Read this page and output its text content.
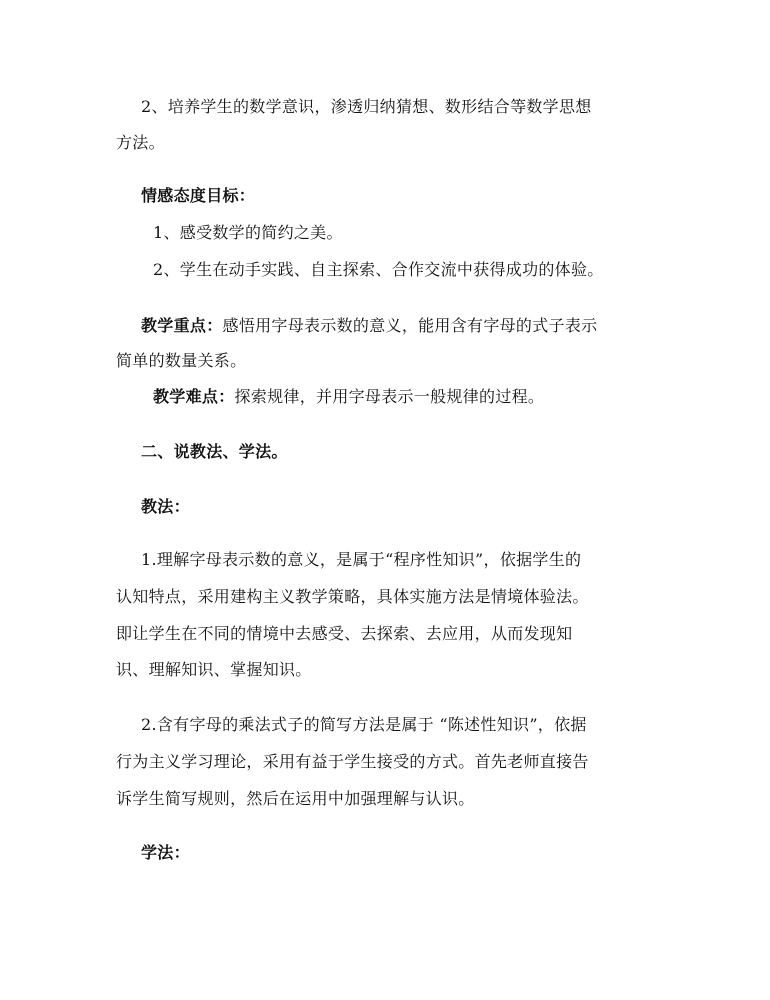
2、培养学生的数学意识，渗透归纳猜想、数形结合等数学思想
方法。
情感态度目标：
1、感受数学的简约之美。
2、学生在动手实践、自主探索、合作交流中获得成功的体验。
教学重点：感悟用字母表示数的意义，能用含有字母的式子表示
简单的数量关系。
教学难点：探索规律，并用字母表示一般规律的过程。
二、说教法、学法。
教法：
1.理解字母表示数的意义，是属于“程序性知识”，依据学生的
认知特点，采用建构主义教学策略，具体实施方法是情境体验法。
即让学生在不同的情境中去感受、去探索、去应用，从而发现知
识、理解知识、掌握知识。
2.含有字母的乘法式子的简写方法是属于 “陈述性知识”，依据
行为主义学习理论，采用有益于学生接受的方式。首先老师直接告
诉学生简写规则，然后在运用中加强理解与认识。
学法：
